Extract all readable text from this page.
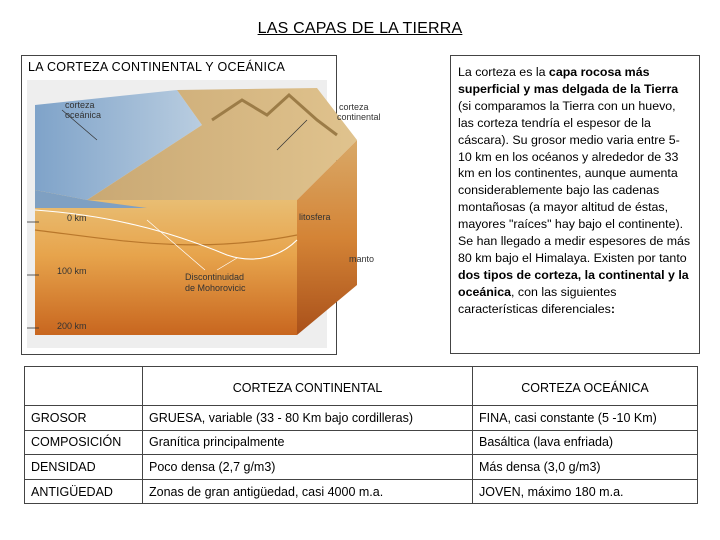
LAS CAPAS DE LA TIERRA
LA CORTEZA CONTINENTAL Y OCEÁNICA
corteza
oceánica
corteza
continental
litosfera
manto
Discontinuidad
de Mohorovicic
0 km
100 km
200 km
La corteza es la capa rocosa más superficial y mas delgada de la Tierra (si comparamos la Tierra con un huevo, las corteza tendría el espesor de la cáscara). Su grosor medio varia entre 5-10 km en los océanos y alrededor de 33 km en los continentes, aunque aumenta considerablemente bajo las cadenas montañosas (a mayor altitud de éstas, mayores "raíces" hay bajo el continente). Se han llegado a medir espesores de más 80 km bajo el Himalaya. Existen por tanto dos tipos de corteza, la continental y la oceánica, con las siguientes características diferenciales:
	CORTEZA CONTINENTAL	CORTEZA OCEÁNICA
GROSOR	GRUESA, variable (33 - 80 Km bajo cordilleras)	FINA, casi constante (5 -10 Km)
COMPOSICIÓN	Granítica principalmente	Basáltica (lava enfriada)
DENSIDAD	Poco densa (2,7 g/m3)	Más densa (3,0 g/m3)
ANTIGÜEDAD	Zonas de gran antigüedad, casi 4000 m.a.	JOVEN, máximo 180 m.a.
